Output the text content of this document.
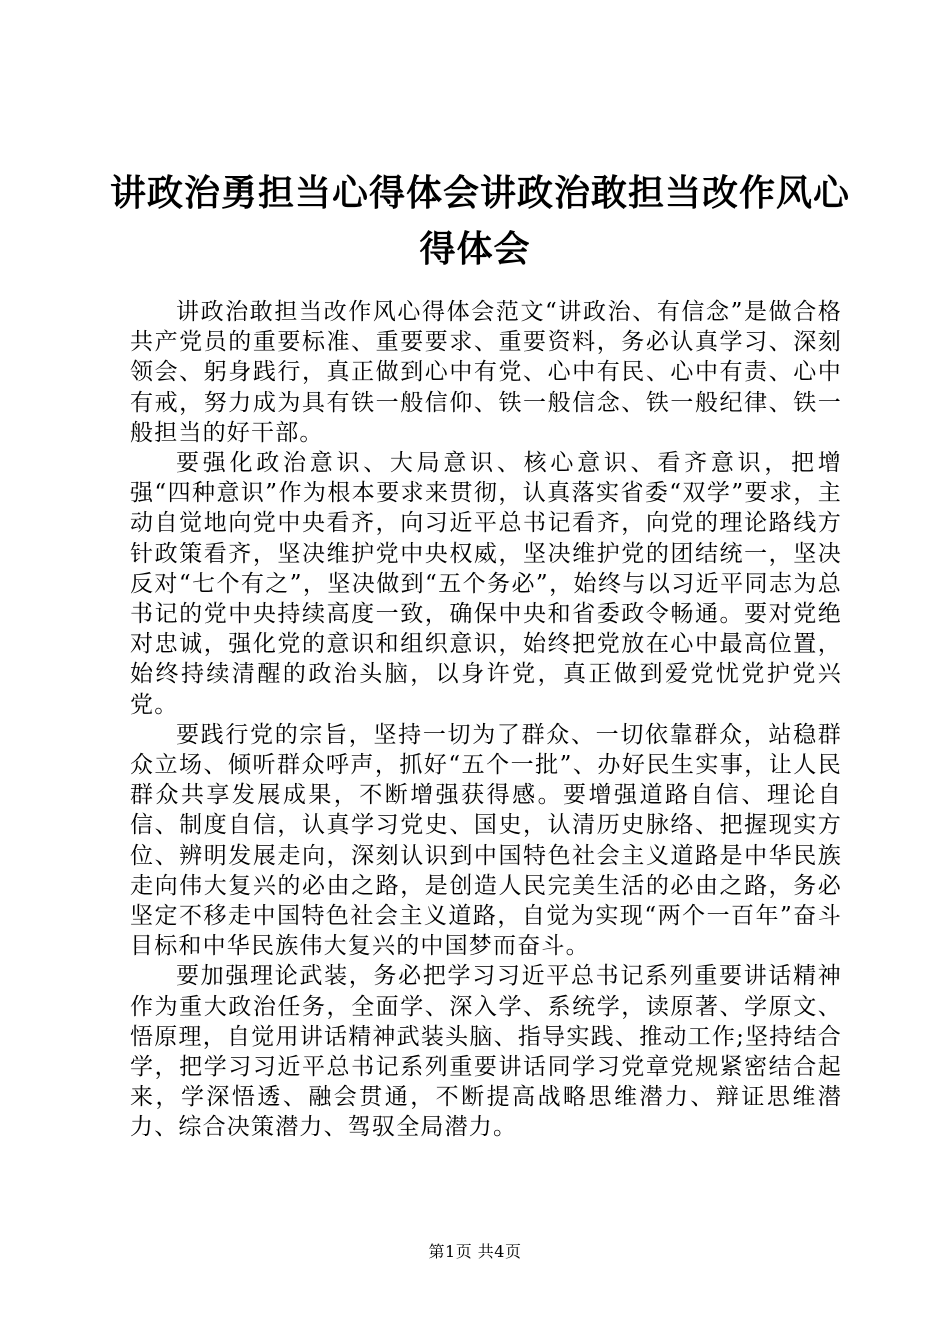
讲政治勇担当心得体会讲政治敢担当改作风心
得体会

讲政治敢担当改作风心得体会范文“讲政治、有信念”是做合格共产党员的重要标准、重要要求、重要资料，务必认真学习、深刻领会、躬身践行，真正做到心中有党、心中有民、心中有责、心中有戒，努力成为具有铁一般信仰、铁一般信念、铁一般纪律、铁一般担当的好干部。

要强化政治意识、大局意识、核心意识、看齐意识，把增强“四种意识”作为根本要求来贯彻，认真落实省委“双学”要求，主动自觉地向党中央看齐，向习近平总书记看齐，向党的理论路线方针政策看齐，坚决维护党中央权威，坚决维护党的团结统一，坚决反对“七个有之”，坚决做到“五个务必”，始终与以习近平同志为总书记的党中央持续高度一致，确保中央和省委政令畅通。要对党绝对忠诚，强化党的意识和组织意识，始终把党放在心中最高位置，始终持续清醒的政治头脑，以身许党，真正做到爱党忧党护党兴党。

要践行党的宗旨，坚持一切为了群众、一切依靠群众，站稳群众立场、倾听群众呼声，抓好“五个一批”、办好民生实事，让人民群众共享发展成果，不断增强获得感。要增强道路自信、理论自信、制度自信，认真学习党史、国史，认清历史脉络、把握现实方位、辨明发展走向，深刻认识到中国特色社会主义道路是中华民族走向伟大复兴的必由之路，是创造人民完美生活的必由之路，务必坚定不移走中国特色社会主义道路，自觉为实现“两个一百年”奋斗目标和中华民族伟大复兴的中国梦而奋斗。

要加强理论武装，务必把学习习近平总书记系列重要讲话精神作为重大政治任务，全面学、深入学、系统学，读原著、学原文、悟原理，自觉用讲话精神武装头脑、指导实践、推动工作;坚持结合学，把学习习近平总书记系列重要讲话同学习党章党规紧密结合起来，学深悟透、融会贯通，不断提高战略思维潜力、辩证思维潜力、综合决策潜力、驾驭全局潜力。

第1页 共4页
